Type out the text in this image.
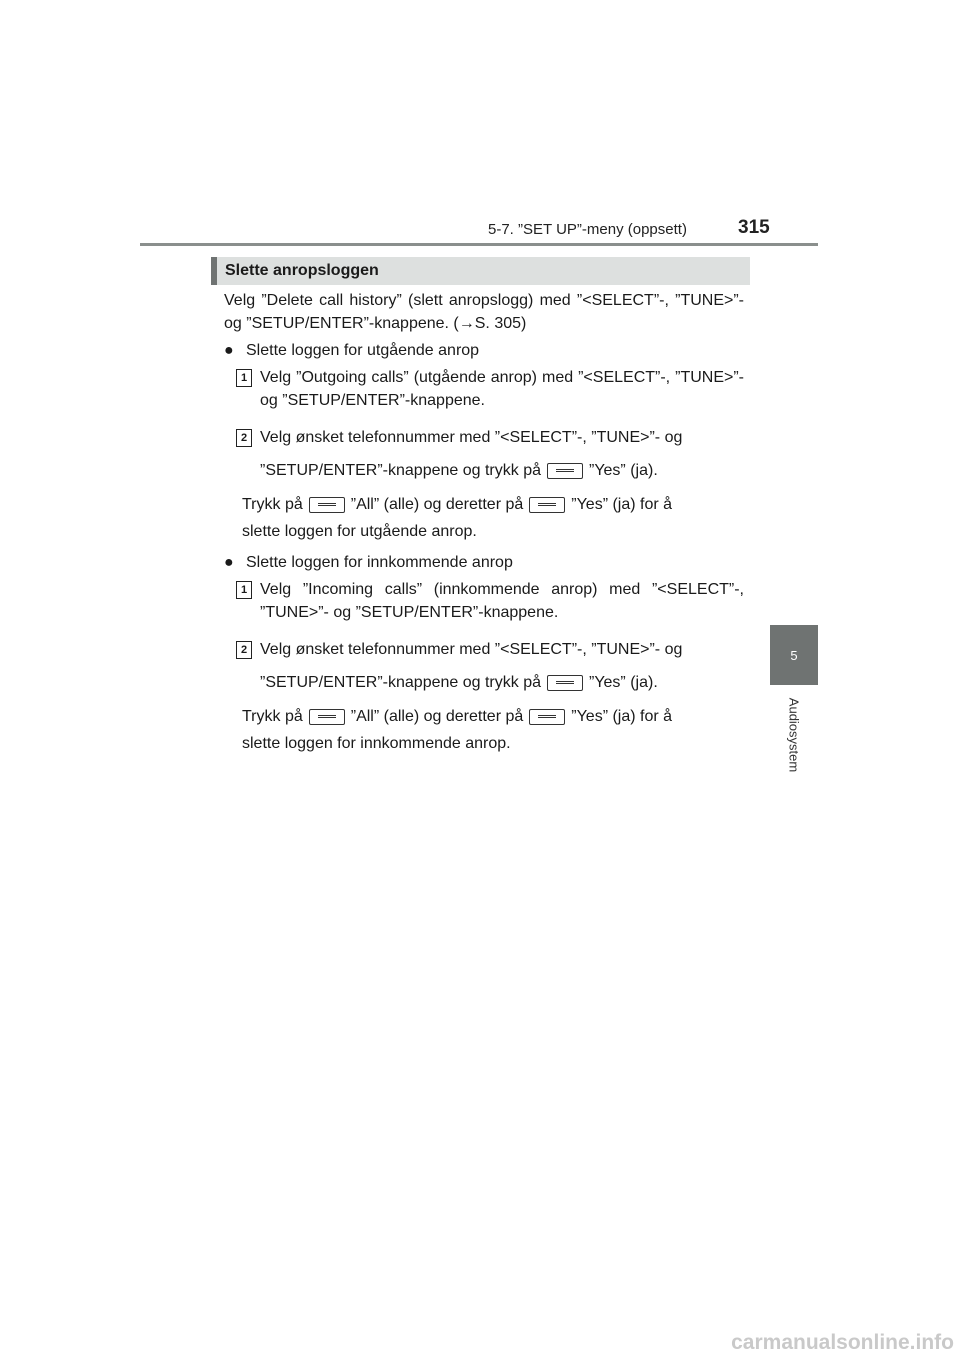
5-7. ”SET UP”-meny (oppsett)	315
5
Audiosystem
Slette anropsloggen

Velg ”Delete call history” (slett anropslogg) med ”<SELECT”-, ”TUNE>”- og ”SETUP/ENTER”-knappene. (→S. 305)

● Slette loggen for utgående anrop
1 Velg ”Outgoing calls” (utgående anrop) med ”<SELECT”-, ”TUNE>”- og ”SETUP/ENTER”-knappene.

2 Velg ønsket telefonnummer med ”<SELECT”-, ”TUNE>”- og

”SETUP/ENTER”-knappene og trykk på	”Yes” (ja).

Trykk på	”All” (alle) og deretter på	”Yes” (ja) for å

slette loggen for utgående anrop.

● Slette loggen for innkommende anrop
1 Velg ”Incoming calls” (innkommende anrop) med ”<SELECT”-, ”TUNE>”- og ”SETUP/ENTER”-knappene.

2 Velg ønsket telefonnummer med ”<SELECT”-, ”TUNE>”- og

”SETUP/ENTER”-knappene og trykk på	”Yes” (ja).

Trykk på	”All” (alle) og deretter på	”Yes” (ja) for å

slette loggen for innkommende anrop.

carmanualsonline.info
